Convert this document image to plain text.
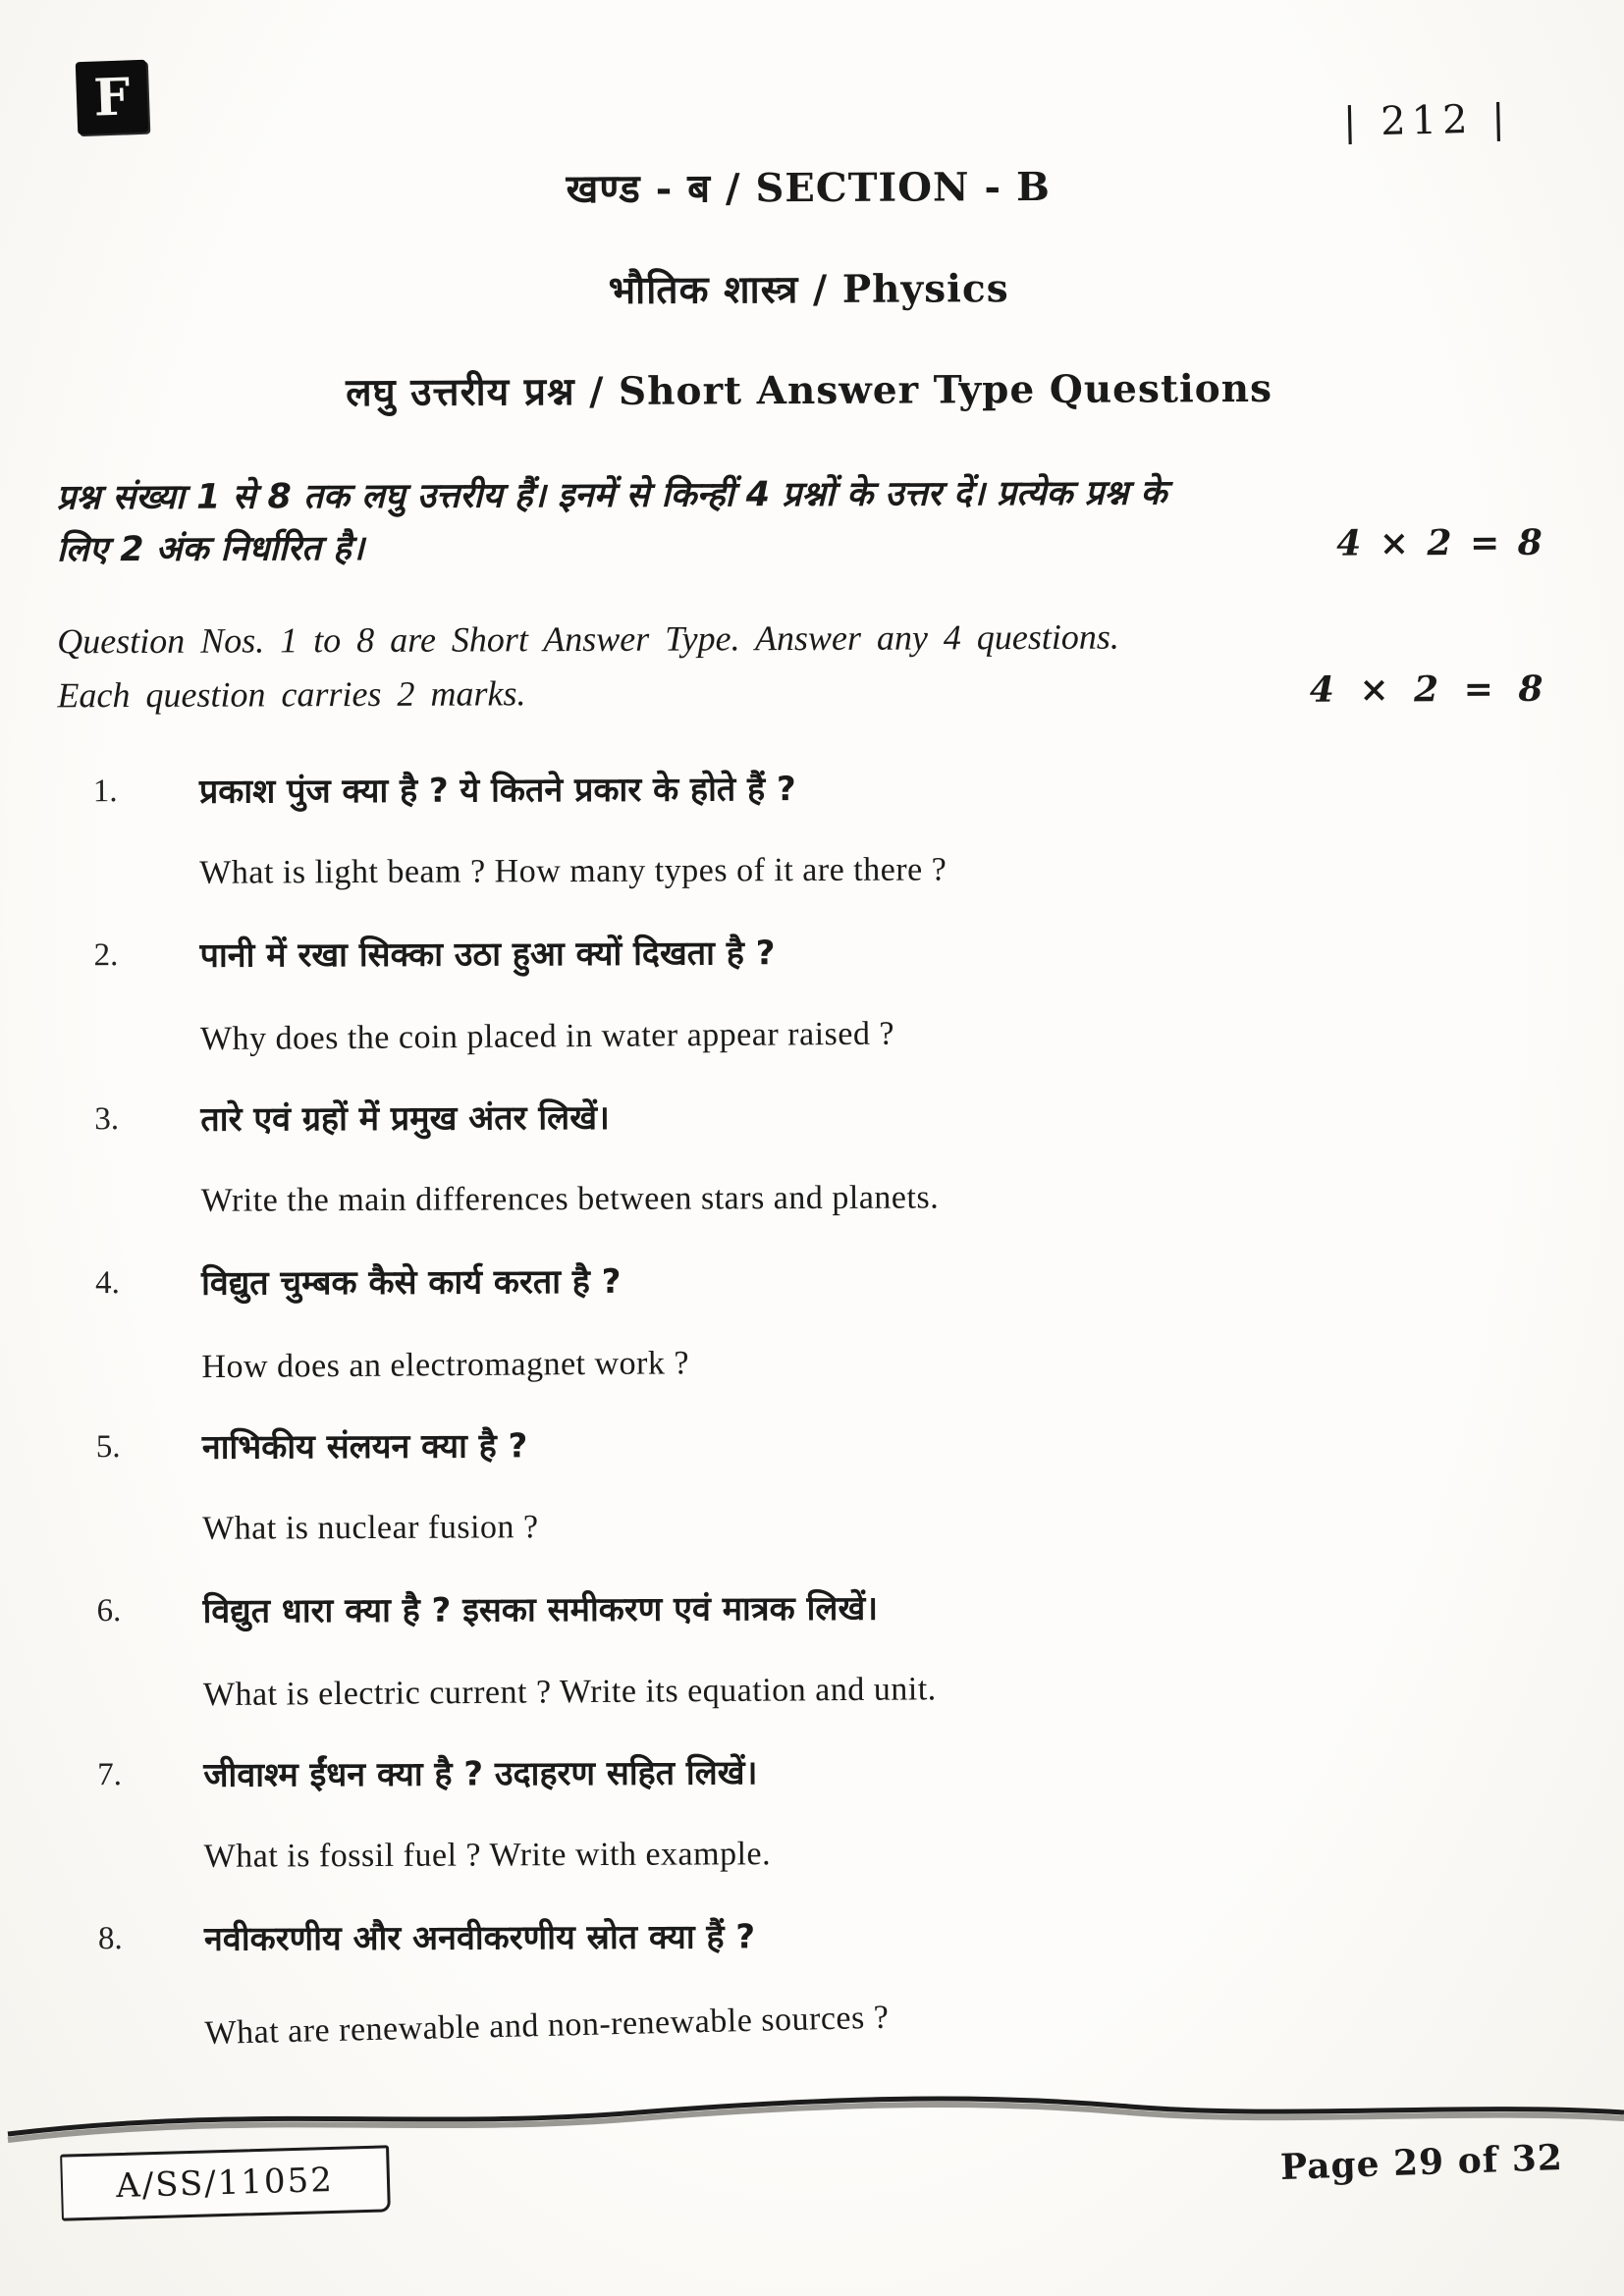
F	| 212 |
खण्ड - ब / SECTION - B
भौतिक शास्त्र / Physics
लघु उत्तरीय प्रश्न / Short Answer Type Questions
प्रश्न संख्या 1 से 8 तक लघु उत्तरीय हैं। इनमें से किन्हीं 4 प्रश्नों के उत्तर दें। प्रत्येक प्रश्न के
लिए 2 अंक निर्धारित है।	4 × 2 = 8
Question Nos. 1 to 8 are Short Answer Type. Answer any 4 questions.
Each question carries 2 marks.	4 × 2 = 8
1.	प्रकाश पुंज क्या है ? ये कितने प्रकार के होते हैं ?
What is light beam ? How many types of it are there ?
2.	पानी में रखा सिक्का उठा हुआ क्यों दिखता है ?
Why does the coin placed in water appear raised ?
3.	तारे एवं ग्रहों में प्रमुख अंतर लिखें।
Write the main differences between stars and planets.
4.	विद्युत चुम्बक कैसे कार्य करता है ?
How does an electromagnet work ?
5.	नाभिकीय संलयन क्या है ?
What is nuclear fusion ?
6.	विद्युत धारा क्या है ? इसका समीकरण एवं मात्रक लिखें।
What is electric current ? Write its equation and unit.
7.	जीवाश्म ईंधन क्या है ? उदाहरण सहित लिखें।
What is fossil fuel ? Write with example.
8.	नवीकरणीय और अनवीकरणीय स्रोत क्या हैं ?
What are renewable and non-renewable sources ?
A/SS/11052	Page 29 of 32
